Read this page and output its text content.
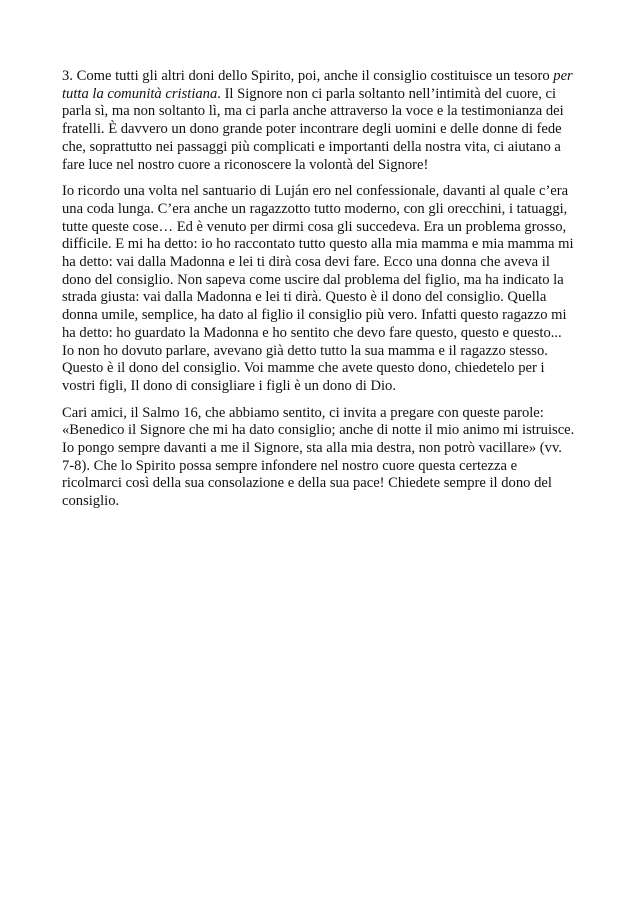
3. Come tutti gli altri doni dello Spirito, poi, anche il consiglio costituisce un tesoro per tutta la comunità cristiana. Il Signore non ci parla soltanto nell’intimità del cuore, ci parla sì, ma non soltanto lì, ma ci parla anche attraverso la voce e la testimonianza dei fratelli. È davvero un dono grande poter incontrare degli uomini e delle donne di fede che, soprattutto nei passaggi più complicati e importanti della nostra vita, ci aiutano a fare luce nel nostro cuore a riconoscere la volontà del Signore!

Io ricordo una volta nel santuario di Luján ero nel confessionale, davanti al quale c’era una coda lunga. C’era anche un ragazzotto tutto moderno, con gli orecchini, i tatuaggi, tutte queste cose… Ed è venuto per dirmi cosa gli succedeva. Era un problema grosso, difficile. E mi ha detto: io ho raccontato tutto questo alla mia mamma e mia mamma mi ha detto: vai dalla Madonna e lei ti dirà cosa devi fare. Ecco una donna che aveva il dono del consiglio. Non sapeva come uscire dal problema del figlio, ma ha indicato la strada giusta: vai dalla Madonna e lei ti dirà. Questo è il dono del consiglio. Quella donna umile, semplice, ha dato al figlio il consiglio più vero. Infatti questo ragazzo mi ha detto: ho guardato la Madonna e ho sentito che devo fare questo, questo e questo... Io non ho dovuto parlare, avevano già detto tutto la sua mamma e il ragazzo stesso. Questo è il dono del consiglio. Voi mamme che avete questo dono, chiedetelo per i vostri figli, Il dono di consigliare i figli è un dono di Dio.

Cari amici, il Salmo 16, che abbiamo sentito, ci invita a pregare con queste parole: «Benedico il Signore che mi ha dato consiglio; anche di notte il mio animo mi istruisce. Io pongo sempre davanti a me il Signore, sta alla mia destra, non potrò vacillare» (vv. 7-8). Che lo Spirito possa sempre infondere nel nostro cuore questa certezza e ricolmarci così della sua consolazione e della sua pace! Chiedete sempre il dono del consiglio.
